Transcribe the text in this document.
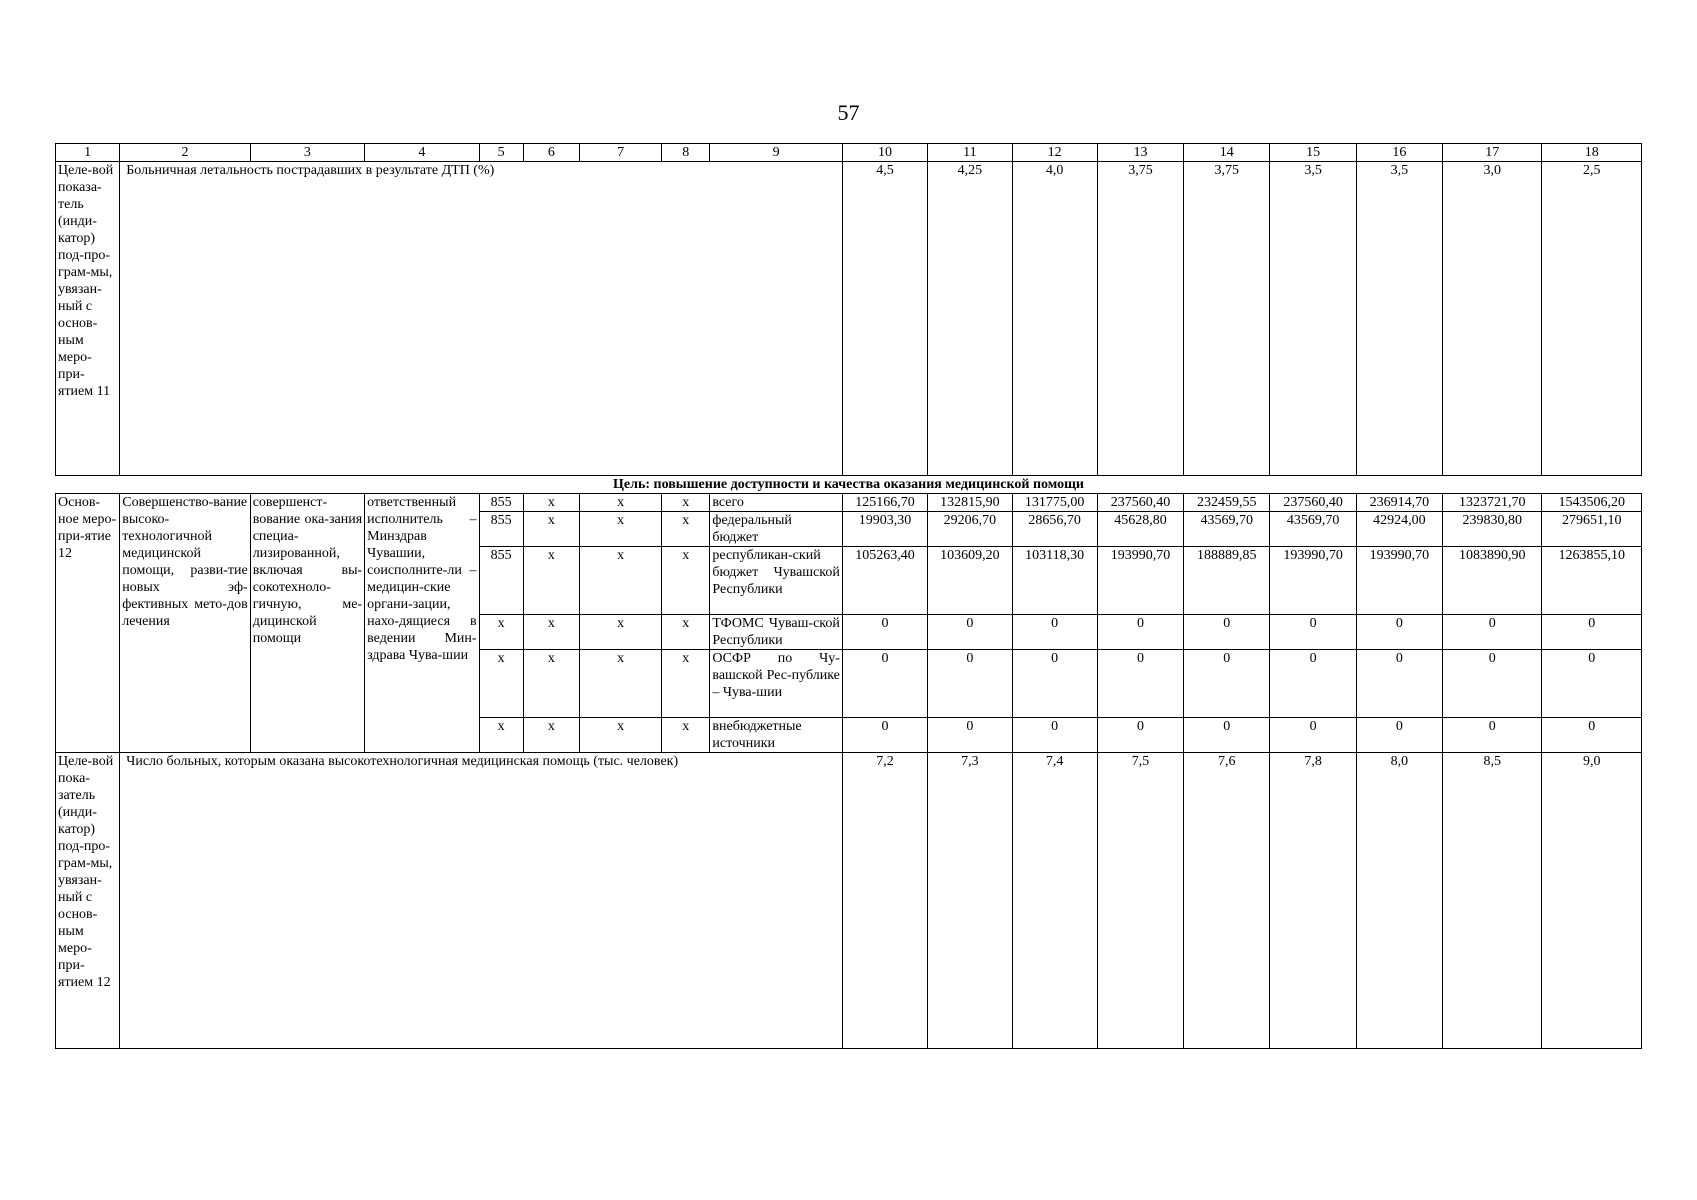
57
1	2	3	4	5	6	7	8	9	10	11	12	13	14	15	16	17	18
Целе-вой показа-тель (инди-катор) под-про-грам-мы, увязан-ный с основ-ным меро-при-ятием 11	Больничная летальность пострадавших в результате ДТП (%)								4,5	4,25	4,0	3,75	3,75	3,5	3,5	3,0	2,5
Цель: повышение доступности и качества оказания медицинской помощи																	
Основ-ное меро-при-ятие 12	Совершенство-вание высоко-технологичной медицинской помощи, разви-тие новых эф-фективных мето-дов лечения	совершенст-вование ока-зания специа-лизированной, включая вы-сокотехноло-гичную, ме-дицинской помощи	ответственный исполнитель – Минздрав Чувашии, соисполните-ли – медицин-ские органи-зации, нахо-дящиеся в ведении Мин-здрава Чува-шии	855	x	x	x	всего	125166,70	132815,90	131775,00	237560,40	232459,55	237560,40	236914,70	1323721,70	1543506,20
				855	x	x	x	федеральный бюджет	19903,30	29206,70	28656,70	45628,80	43569,70	43569,70	42924,00	239830,80	279651,10
				855	x	x	x	республикан-ский бюджет Чувашской Республики	105263,40	103609,20	103118,30	193990,70	188889,85	193990,70	193990,70	1083890,90	1263855,10
				x	x	x	x	ТФОМС Чуваш-ской Республики	0	0	0	0	0	0	0	0	0
				x	x	x	x	ОСФР по Чу-вашской Рес-публике – Чува-шии	0	0	0	0	0	0	0	0	0
				x	x	x	x	внебюджетные источники	0	0	0	0	0	0	0	0	0
Целе-вой пока-затель (инди-катор) под-про-грам-мы, увязан-ный с основ-ным меро-при-ятием 12	Число больных, которым оказана высокотехнологичная медицинская помощь (тыс. человек)								7,2	7,3	7,4	7,5	7,6	7,8	8,0	8,5	9,0
